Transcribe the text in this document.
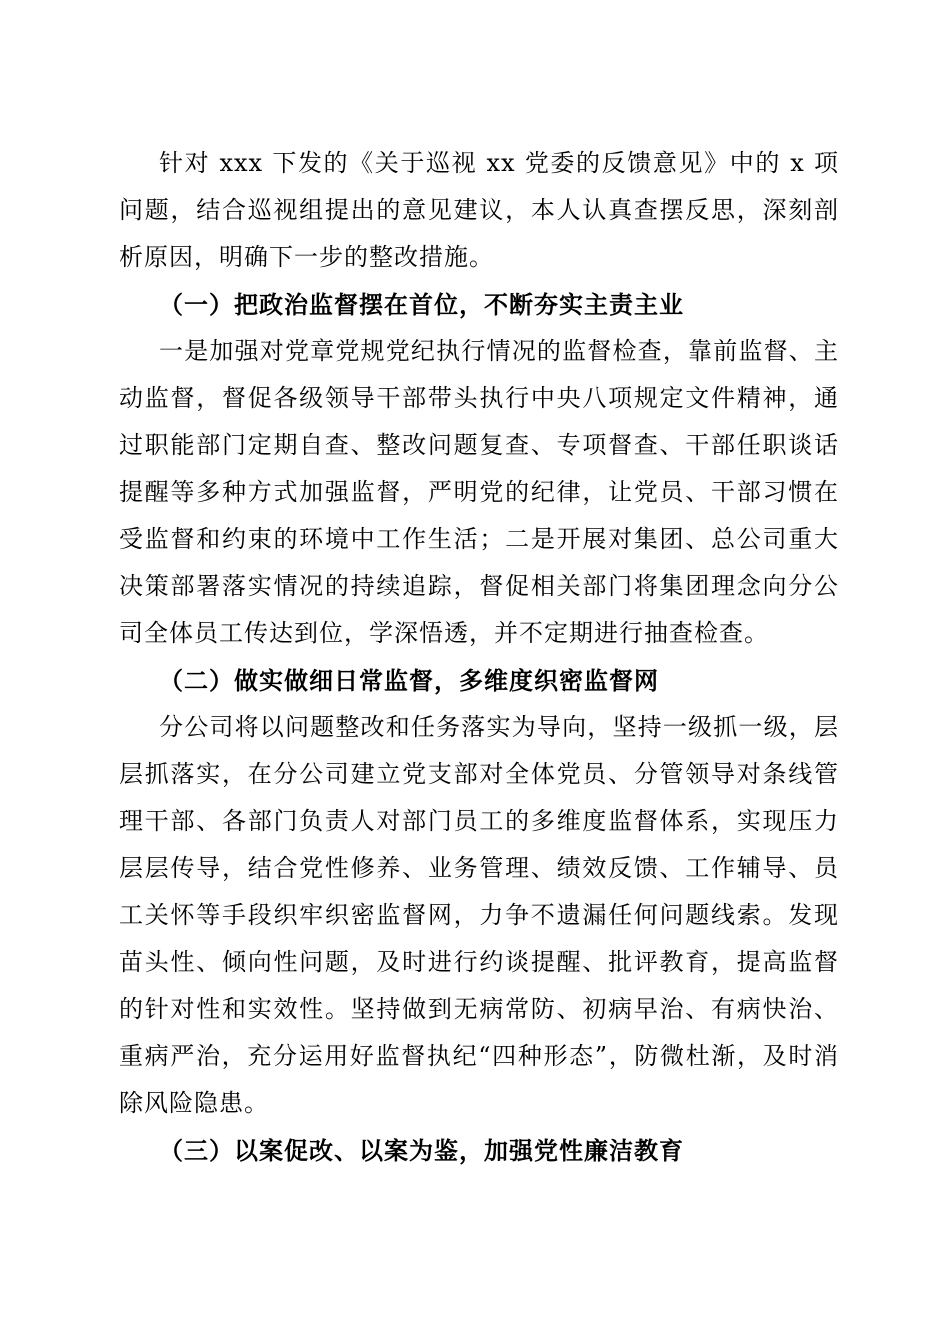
针对 xxx 下发的《关于巡视 xx 党委的反馈意见》中的 x 项问题，结合巡视组提出的意见建议，本人认真查摆反思，深刻剖析原因，明确下一步的整改措施。

（一）把政治监督摆在首位，不断夯实主责主业

一是加强对党章党规党纪执行情况的监督检查，靠前监督、主动监督，督促各级领导干部带头执行中央八项规定文件精神，通过职能部门定期自查、整改问题复查、专项督查、干部任职谈话提醒等多种方式加强监督，严明党的纪律，让党员、干部习惯在受监督和约束的环境中工作生活；二是开展对集团、总公司重大决策部署落实情况的持续追踪，督促相关部门将集团理念向分公司全体员工传达到位，学深悟透，并不定期进行抽查检查。

（二）做实做细日常监督，多维度织密监督网

分公司将以问题整改和任务落实为导向，坚持一级抓一级，层层抓落实，在分公司建立党支部对全体党员、分管领导对条线管理干部、各部门负责人对部门员工的多维度监督体系，实现压力层层传导，结合党性修养、业务管理、绩效反馈、工作辅导、员工关怀等手段织牢织密监督网，力争不遗漏任何问题线索。发现苗头性、倾向性问题，及时进行约谈提醒、批评教育，提高监督的针对性和实效性。坚持做到无病常防、初病早治、有病快治、重病严治，充分运用好监督执纪“四种形态”，防微杜渐，及时消除风险隐患。

（三）以案促改、以案为鉴，加强党性廉洁教育
